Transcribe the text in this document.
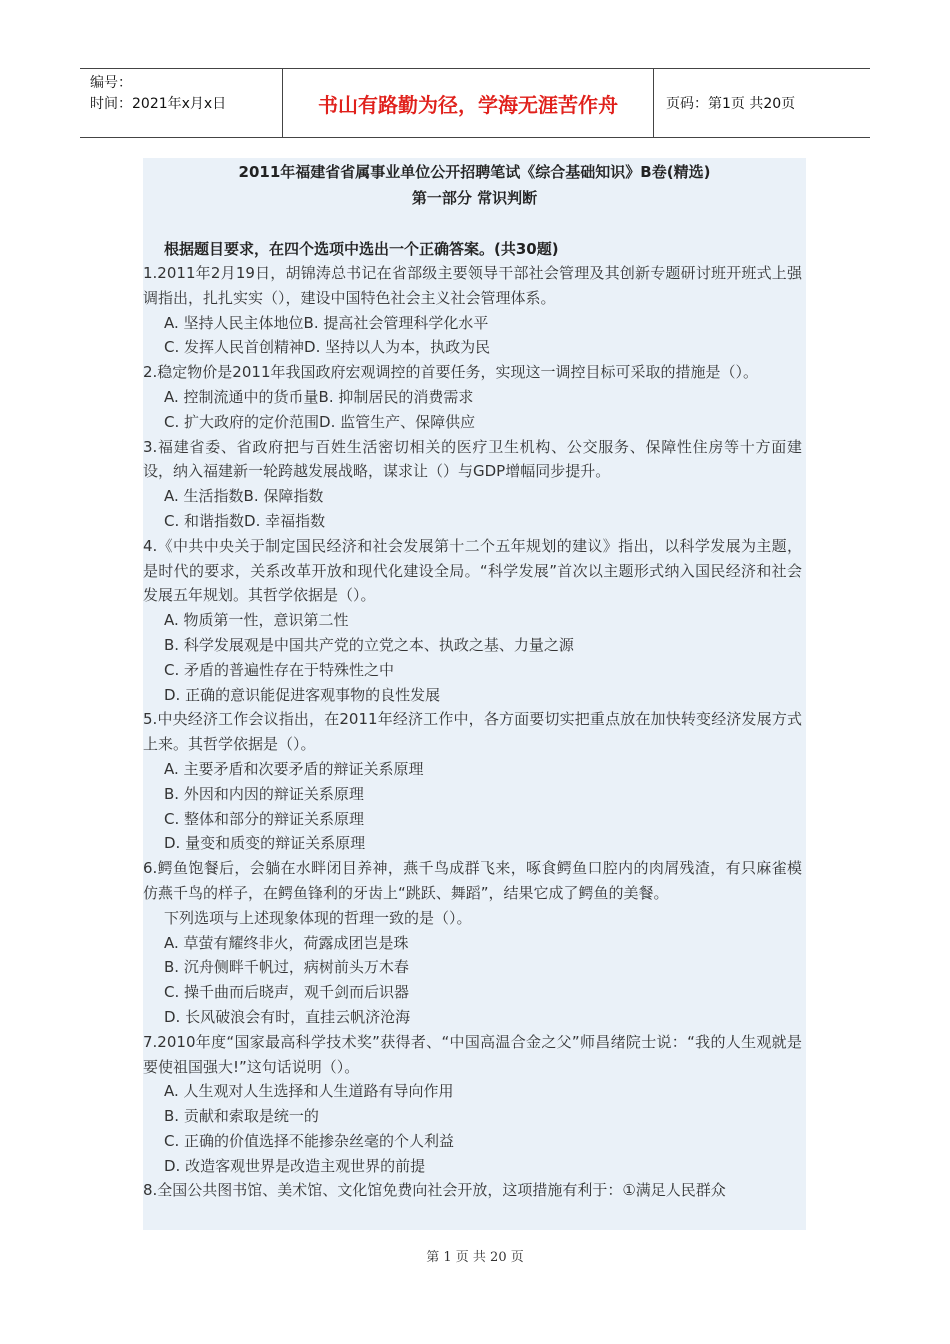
编号：
时间：2021年x月x日	书山有路勤为径，学海无涯苦作舟	页码：第1页 共20页
2011年福建省省属事业单位公开招聘笔试《综合基础知识》B卷(精选)
第一部分 常识判断
根据题目要求，在四个选项中选出一个正确答案。(共30题)
1.2011年2月19日，胡锦涛总书记在省部级主要领导干部社会管理及其创新专题研讨班开班式上强调指出，扎扎实实（），建设中国特色社会主义社会管理体系。
A. 坚持人民主体地位B. 提高社会管理科学化水平
C. 发挥人民首创精神D. 坚持以人为本，执政为民
2.稳定物价是2011年我国政府宏观调控的首要任务，实现这一调控目标可采取的措施是（）。
A. 控制流通中的货币量B. 抑制居民的消费需求
C. 扩大政府的定价范围D. 监管生产、保障供应
3.福建省委、省政府把与百姓生活密切相关的医疗卫生机构、公交服务、保障性住房等十方面建设，纳入福建新一轮跨越发展战略，谋求让（）与GDP增幅同步提升。
A. 生活指数B. 保障指数
C. 和谐指数D. 幸福指数
4.《中共中央关于制定国民经济和社会发展第十二个五年规划的建议》指出，以科学发展为主题，是时代的要求，关系改革开放和现代化建设全局。“科学发展”首次以主题形式纳入国民经济和社会发展五年规划。其哲学依据是（）。
A. 物质第一性，意识第二性
B. 科学发展观是中国共产党的立党之本、执政之基、力量之源
C. 矛盾的普遍性存在于特殊性之中
D. 正确的意识能促进客观事物的良性发展
5.中央经济工作会议指出，在2011年经济工作中，各方面要切实把重点放在加快转变经济发展方式上来。其哲学依据是（）。
A. 主要矛盾和次要矛盾的辩证关系原理
B. 外因和内因的辩证关系原理
C. 整体和部分的辩证关系原理
D. 量变和质变的辩证关系原理
6.鳄鱼饱餐后，会躺在水畔闭目养神，燕千鸟成群飞来，啄食鳄鱼口腔内的肉屑残渣，有只麻雀模仿燕千鸟的样子，在鳄鱼锋利的牙齿上“跳跃、舞蹈”，结果它成了鳄鱼的美餐。
下列选项与上述现象体现的哲理一致的是（）。
A. 草萤有耀终非火，荷露成团岂是珠
B. 沉舟侧畔千帆过，病树前头万木春
C. 操千曲而后晓声，观千剑而后识器
D. 长风破浪会有时，直挂云帆济沧海
7.2010年度“国家最高科学技术奖”获得者、“中国高温合金之父”师昌绪院士说：“我的人生观就是要使祖国强大!”这句话说明（）。
A. 人生观对人生选择和人生道路有导向作用
B. 贡献和索取是统一的
C. 正确的价值选择不能掺杂丝毫的个人利益
D. 改造客观世界是改造主观世界的前提
8.全国公共图书馆、美术馆、文化馆免费向社会开放，这项措施有利于：①满足人民群众
第 1 页 共 20 页
